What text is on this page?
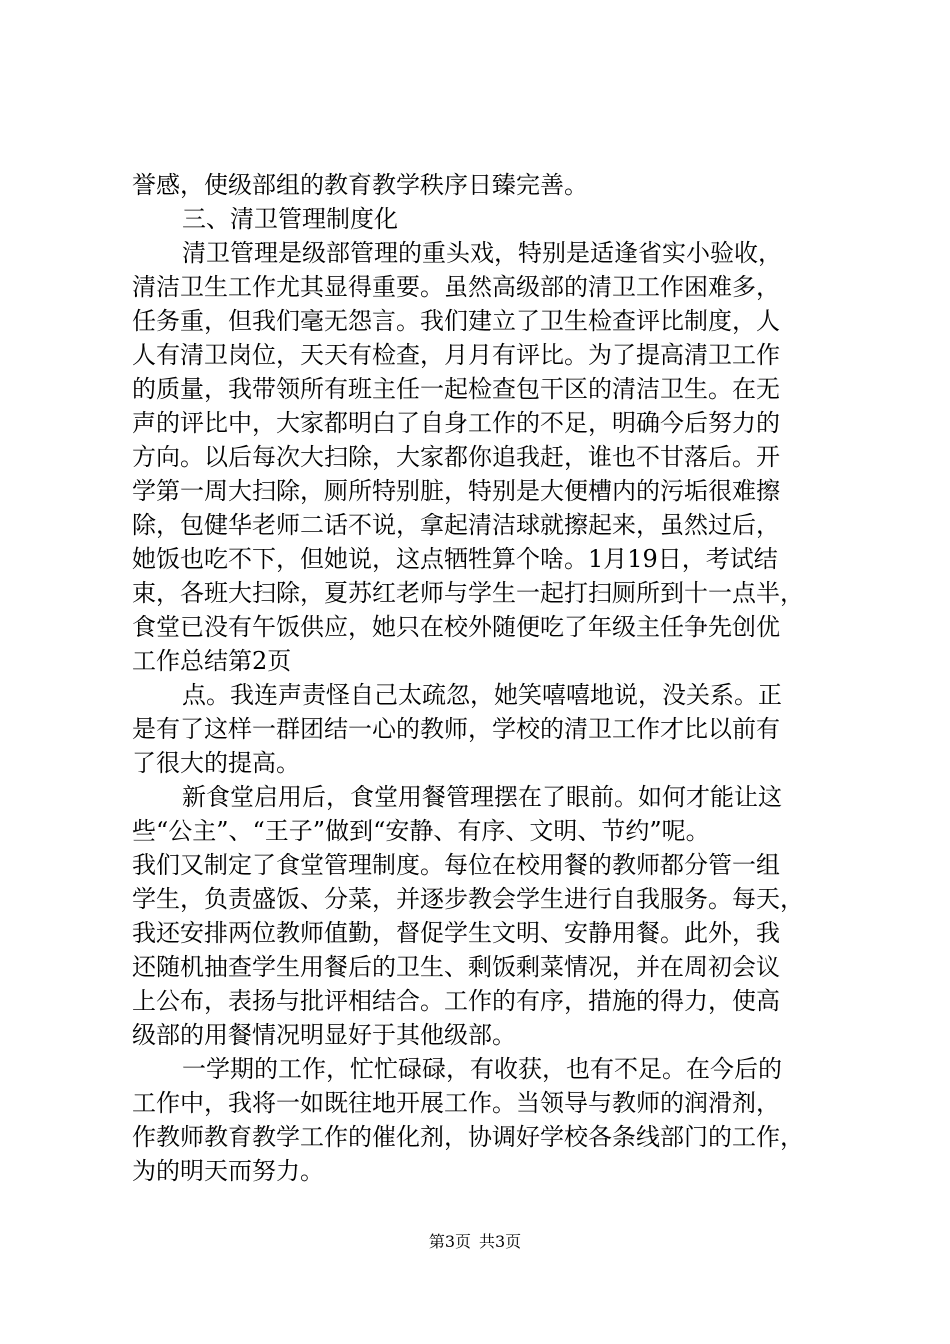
誉感，使级部组的教育教学秩序日臻完善。
三、清卫管理制度化
清卫管理是级部管理的重头戏，特别是适逢省实小验收，
清洁卫生工作尤其显得重要。虽然高级部的清卫工作困难多，
任务重，但我们毫无怨言。我们建立了卫生检查评比制度，人
人有清卫岗位，天天有检查，月月有评比。为了提高清卫工作
的质量，我带领所有班主任一起检查包干区的清洁卫生。在无
声的评比中，大家都明白了自身工作的不足，明确今后努力的
方向。以后每次大扫除，大家都你追我赶，谁也不甘落后。开
学第一周大扫除，厕所特别脏，特别是大便槽内的污垢很难擦
除，包健华老师二话不说，拿起清洁球就擦起来，虽然过后，
她饭也吃不下，但她说，这点牺牲算个啥。1月19日，考试结
束，各班大扫除，夏苏红老师与学生一起打扫厕所到十一点半，
食堂已没有午饭供应，她只在校外随便吃了年级主任争先创优
工作总结第2页
点。我连声责怪自己太疏忽，她笑嘻嘻地说，没关系。正
是有了这样一群团结一心的教师，学校的清卫工作才比以前有
了很大的提高。
新食堂启用后，食堂用餐管理摆在了眼前。如何才能让这
些“公主”、“王子”做到“安静、有序、文明、节约”呢。
我们又制定了食堂管理制度。每位在校用餐的教师都分管一组
学生，负责盛饭、分菜，并逐步教会学生进行自我服务。每天，
我还安排两位教师值勤，督促学生文明、安静用餐。此外，我
还随机抽查学生用餐后的卫生、剩饭剩菜情况，并在周初会议
上公布，表扬与批评相结合。工作的有序，措施的得力，使高
级部的用餐情况明显好于其他级部。
一学期的工作，忙忙碌碌，有收获，也有不足。在今后的
工作中，我将一如既往地开展工作。当领导与教师的润滑剂，
作教师教育教学工作的催化剂，协调好学校各条线部门的工作，
为的明天而努力。
第3页 共3页
